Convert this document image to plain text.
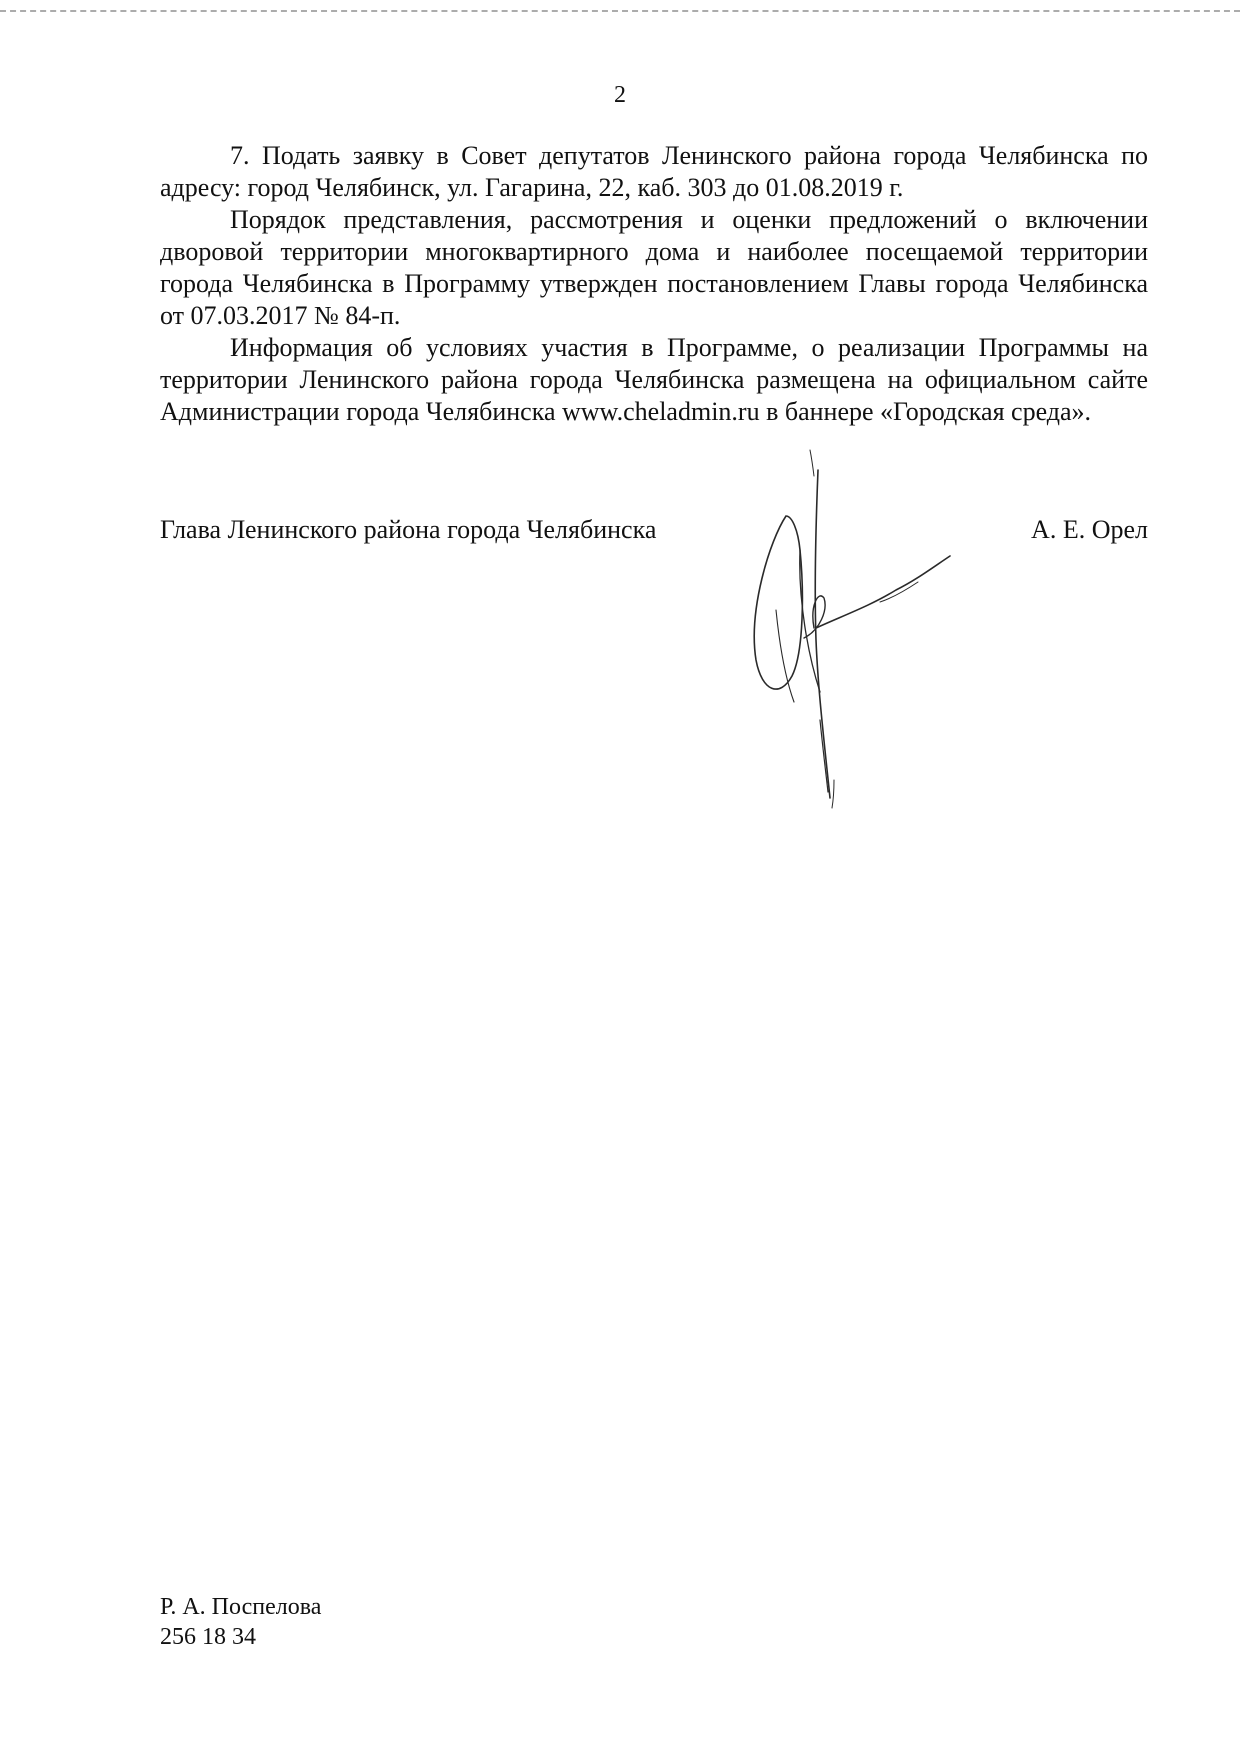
2

7. Подать заявку в Совет депутатов Ленинского района города Челябинска по адресу: город Челябинск, ул. Гагарина, 22, каб. 303 до 01.08.2019 г.

Порядок представления, рассмотрения и оценки предложений о включении дворовой территории многоквартирного дома и наиболее посещаемой территории города Челябинска в Программу утвержден постановлением Главы города Челябинска от 07.03.2017 № 84-п.

Информация об условиях участия в Программе, о реализации Программы на территории Ленинского района города Челябинска размещена на официальном сайте Администрации города Челябинска www.cheladmin.ru в баннере «Городская среда».

Глава Ленинского района города Челябинска	А. Е. Орел
Р. А. Поспелова
256 18 34
